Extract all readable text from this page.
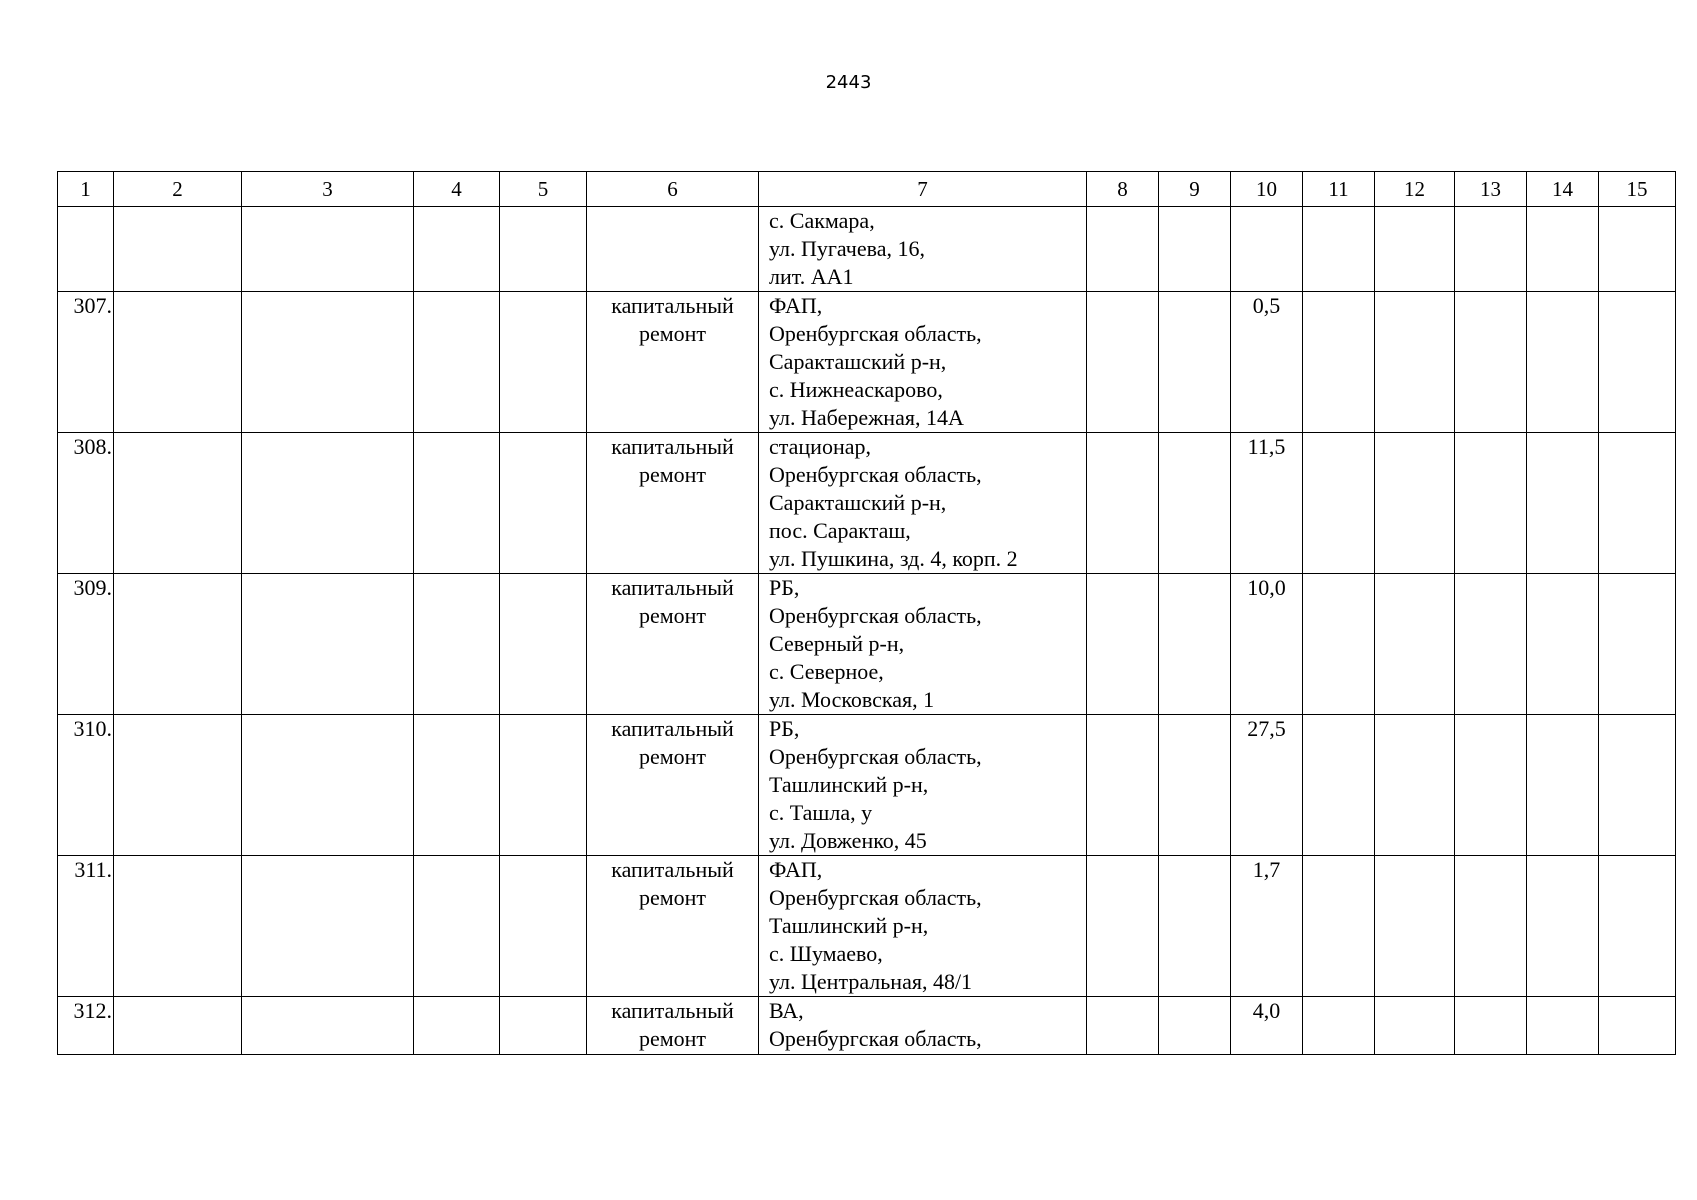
2443
1	2	3	4	5	6	7	8	9	10	11	12	13	14	15

						с. Сакмара,
ул. Пугачева, 16,
лит. АА1								

307.					капитальный
ремонт	ФАП,
Оренбургская область,
Саракташский р-н,
с. Нижнеаскарово,
ул. Набережная, 14А			0,5					
308.					капитальный
ремонт	стационар,
Оренбургская область,
Саракташский р-н,
пос. Саракташ,
ул. Пушкина, зд. 4, корп. 2			11,5					
309.					капитальный
ремонт	РБ,
Оренбургская область,
Северный р-н,
с. Северное,
ул. Московская, 1			10,0					
310.					капитальный
ремонт	РБ,
Оренбургская область,
Ташлинский р-н,
с. Ташла, у
ул. Довженко, 45			27,5					
311.					капитальный
ремонт	ФАП,
Оренбургская область,
Ташлинский р-н,
с. Шумаево,
ул. Центральная, 48/1			1,7					
312.					капитальный
ремонт	ВА,
Оренбургская область,			4,0					
